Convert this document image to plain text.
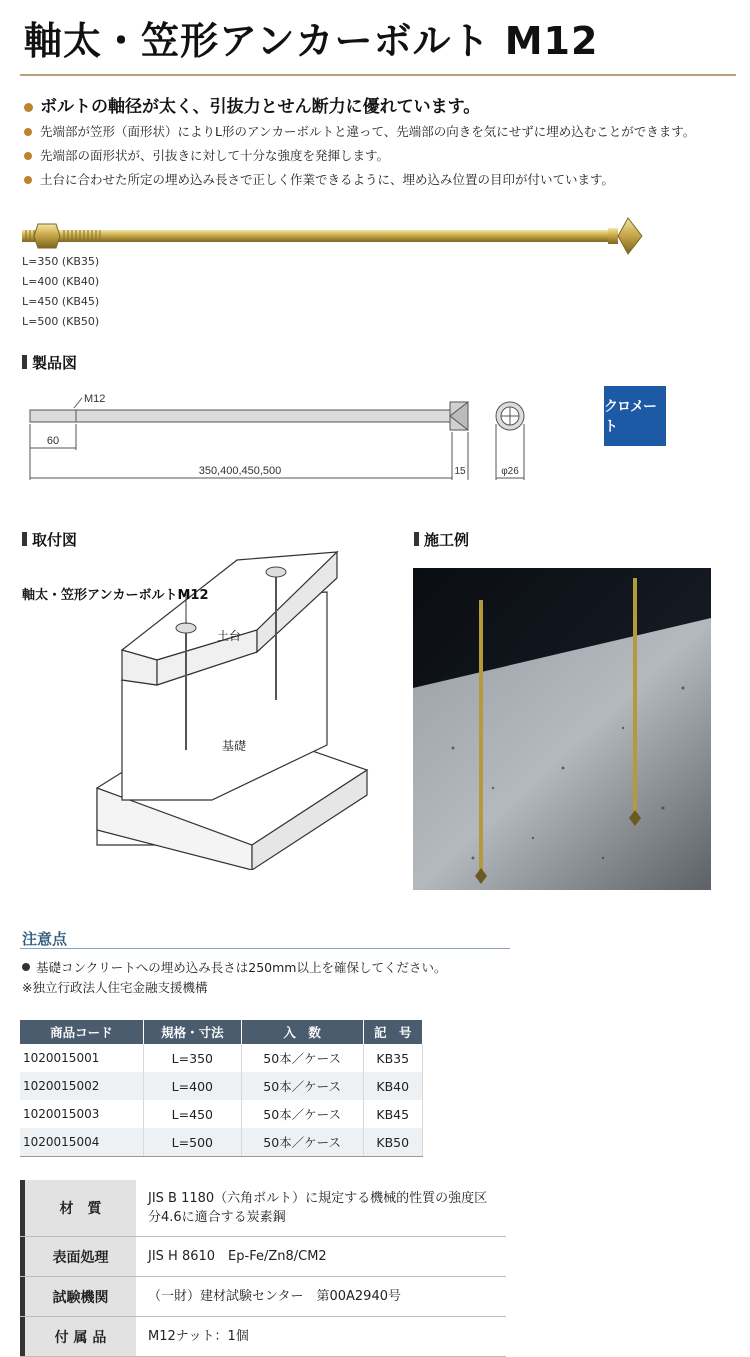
軸太・笠形アンカーボルト M12
ボルトの軸径が太く、引抜力とせん断力に優れています。
先端部が笠形（面形状）によりL形のアンカーボルトと違って、先端部の向きを気にせずに埋め込むことができます。
先端部の面形状が、引抜きに対して十分な強度を発揮します。
土台に合わせた所定の埋め込み長さで正しく作業できるように、埋め込み位置の目印が付いています。
L=350 (KB35)
L=400 (KB40)
L=450 (KB45)
L=500 (KB50)
製品図
M12
60
350,400,450,500	15	φ26
クロメート
取付図
土台
基礎
軸太・笠形アンカーボルトM12
施工例
注意点
基礎コンクリートへの埋め込み長さは250mm以上を確保してください。
※独立行政法人住宅金融支援機構
商品コード	規格・寸法	入　数	記　号
1020015001	L=350	50本／ケース	KB35
1020015002	L=400	50本／ケース	KB40
1020015003	L=450	50本／ケース	KB45
1020015004	L=500	50本／ケース	KB50
	材　質	JIS B 1180（六角ボルト）に規定する機械的性質の強度区分4.6に適合する炭素鋼
	表面処理	JIS H 8610　Ep-Fe/Zn8/CM2
	試験機関	（一財）建材試験センター　第00A2940号
	付 属 品	M12ナット：1個
